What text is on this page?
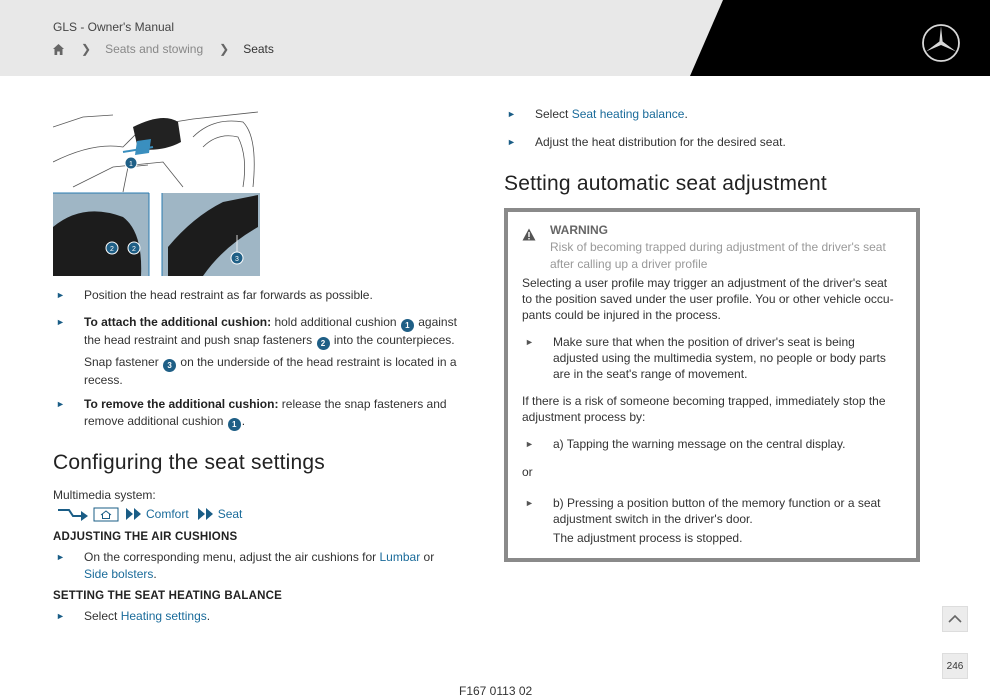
GLS - Owner's Manual
❯ Seats and stowing ❯ Seats
1
2	2
3
►	Position the head restraint as far forwards as possible.
►	To attach the additional cushion: hold additional cushion 1 against the head restraint and push snap fasteners 2 into the counterpieces.
Snap fastener 3 on the underside of the head restraint is located in a recess.
►	To remove the additional cushion: release the snap fasteners and remove additional cushion 1 .
Configuring the seat settings
Multimedia system:
Comfort Seat
ADJUSTING THE AIR CUSHIONS
►	On the corresponding menu, adjust the air cushions for Lumbar or Side bolsters.
SETTING THE SEAT HEATING BALANCE
►	Select Heating settings.
►	Select Seat heating balance.
►	Adjust the heat distribution for the desired seat.
Setting automatic seat adjustment
WARNING
Risk of becoming trapped during adjustment of the driver's seat after calling up a driver profile
Selecting a user profile may trigger an adjustment of the driver's seat to the position saved under the user profile. You or other vehicle occu-pants could be injured in the process.
►	Make sure that when the position of driver's seat is being adjusted using the multimedia system, no people or body parts are in the seat's range of movement.
If there is a risk of someone becoming trapped, immediately stop the adjustment process by:
►	a) Tapping the warning message on the central display.
or
►	b) Pressing a position button of the memory function or a seat adjustment switch in the driver's door.
The adjustment process is stopped.
F167 0113 02
246
